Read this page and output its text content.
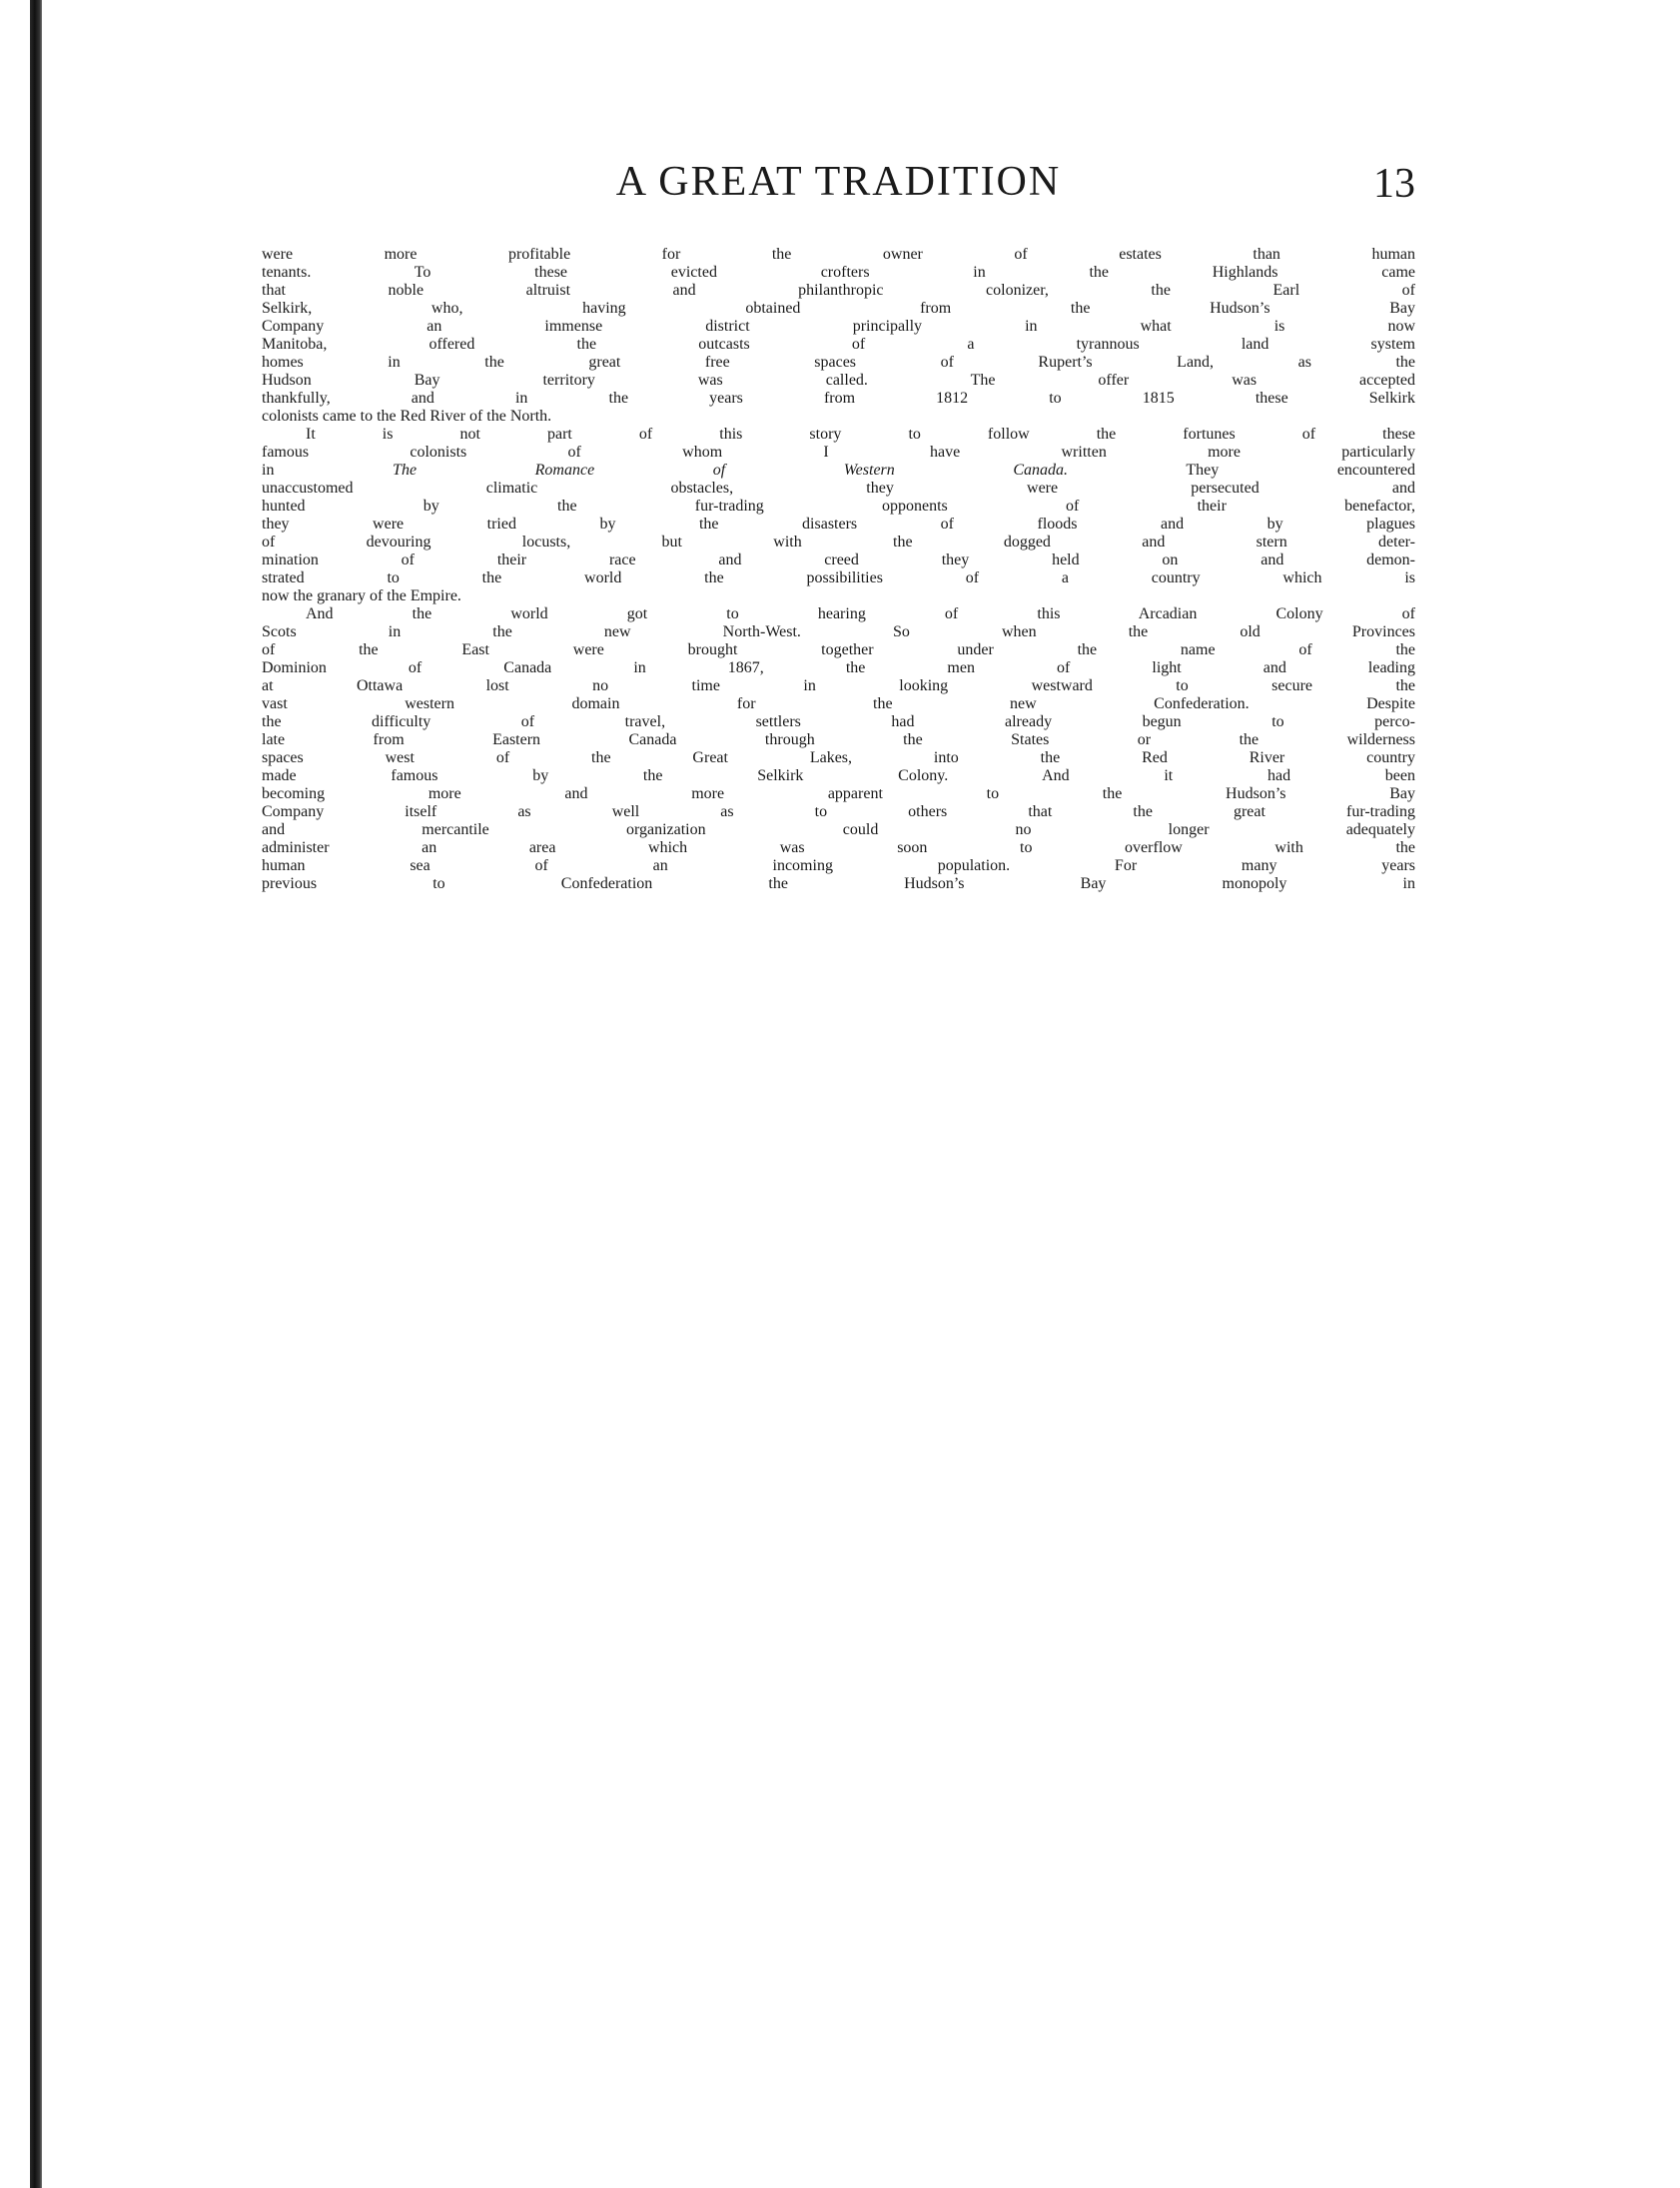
A GREAT TRADITION	13
were more profitable for the owner of estates than human
tenants. To these evicted crofters in the Highlands came
that noble altruist and philanthropic colonizer, the Earl of
Selkirk, who, having obtained from the Hudson’s Bay
Company an immense district principally in what is now
Manitoba, offered the outcasts of a tyrannous land system
homes in the great free spaces of Rupert’s Land, as the
Hudson Bay territory was called. The offer was accepted
thankfully, and in the years from 1812 to 1815 these Selkirk
colonists came to the Red River of the North.
It is not part of this story to follow the fortunes of these
famous colonists of whom I have written more particularly
in	The Romance of Western Canada.	They encountered
unaccustomed climatic obstacles, they were persecuted and
hunted by the fur-trading opponents of their benefactor,
they were tried by the disasters of floods and by plagues
of devouring locusts, but with the dogged and stern deter-
mination of their race and creed they held on and demon-
strated to the world the possibilities of a country which is
now the granary of the Empire.
And the world got to hearing of this Arcadian Colony of
Scots in the new North-West. So when the old Provinces
of the East were brought together under the name of the
Dominion of Canada in 1867, the men of light and leading
at Ottawa lost no time in looking westward to secure the
vast western domain for the new Confederation. Despite
the difficulty of travel, settlers had already begun to perco-
late from Eastern Canada through the States or the wilderness
spaces west of the Great Lakes, into the Red River country
made famous by the Selkirk Colony. And it had been
becoming more and more apparent to the Hudson’s Bay
Company itself as well as to others that the great fur-trading
and mercantile organization could no longer adequately
administer an area which was soon to overflow with the
human sea of an incoming population. For many years
previous to Confederation the Hudson’s Bay monopoly in
